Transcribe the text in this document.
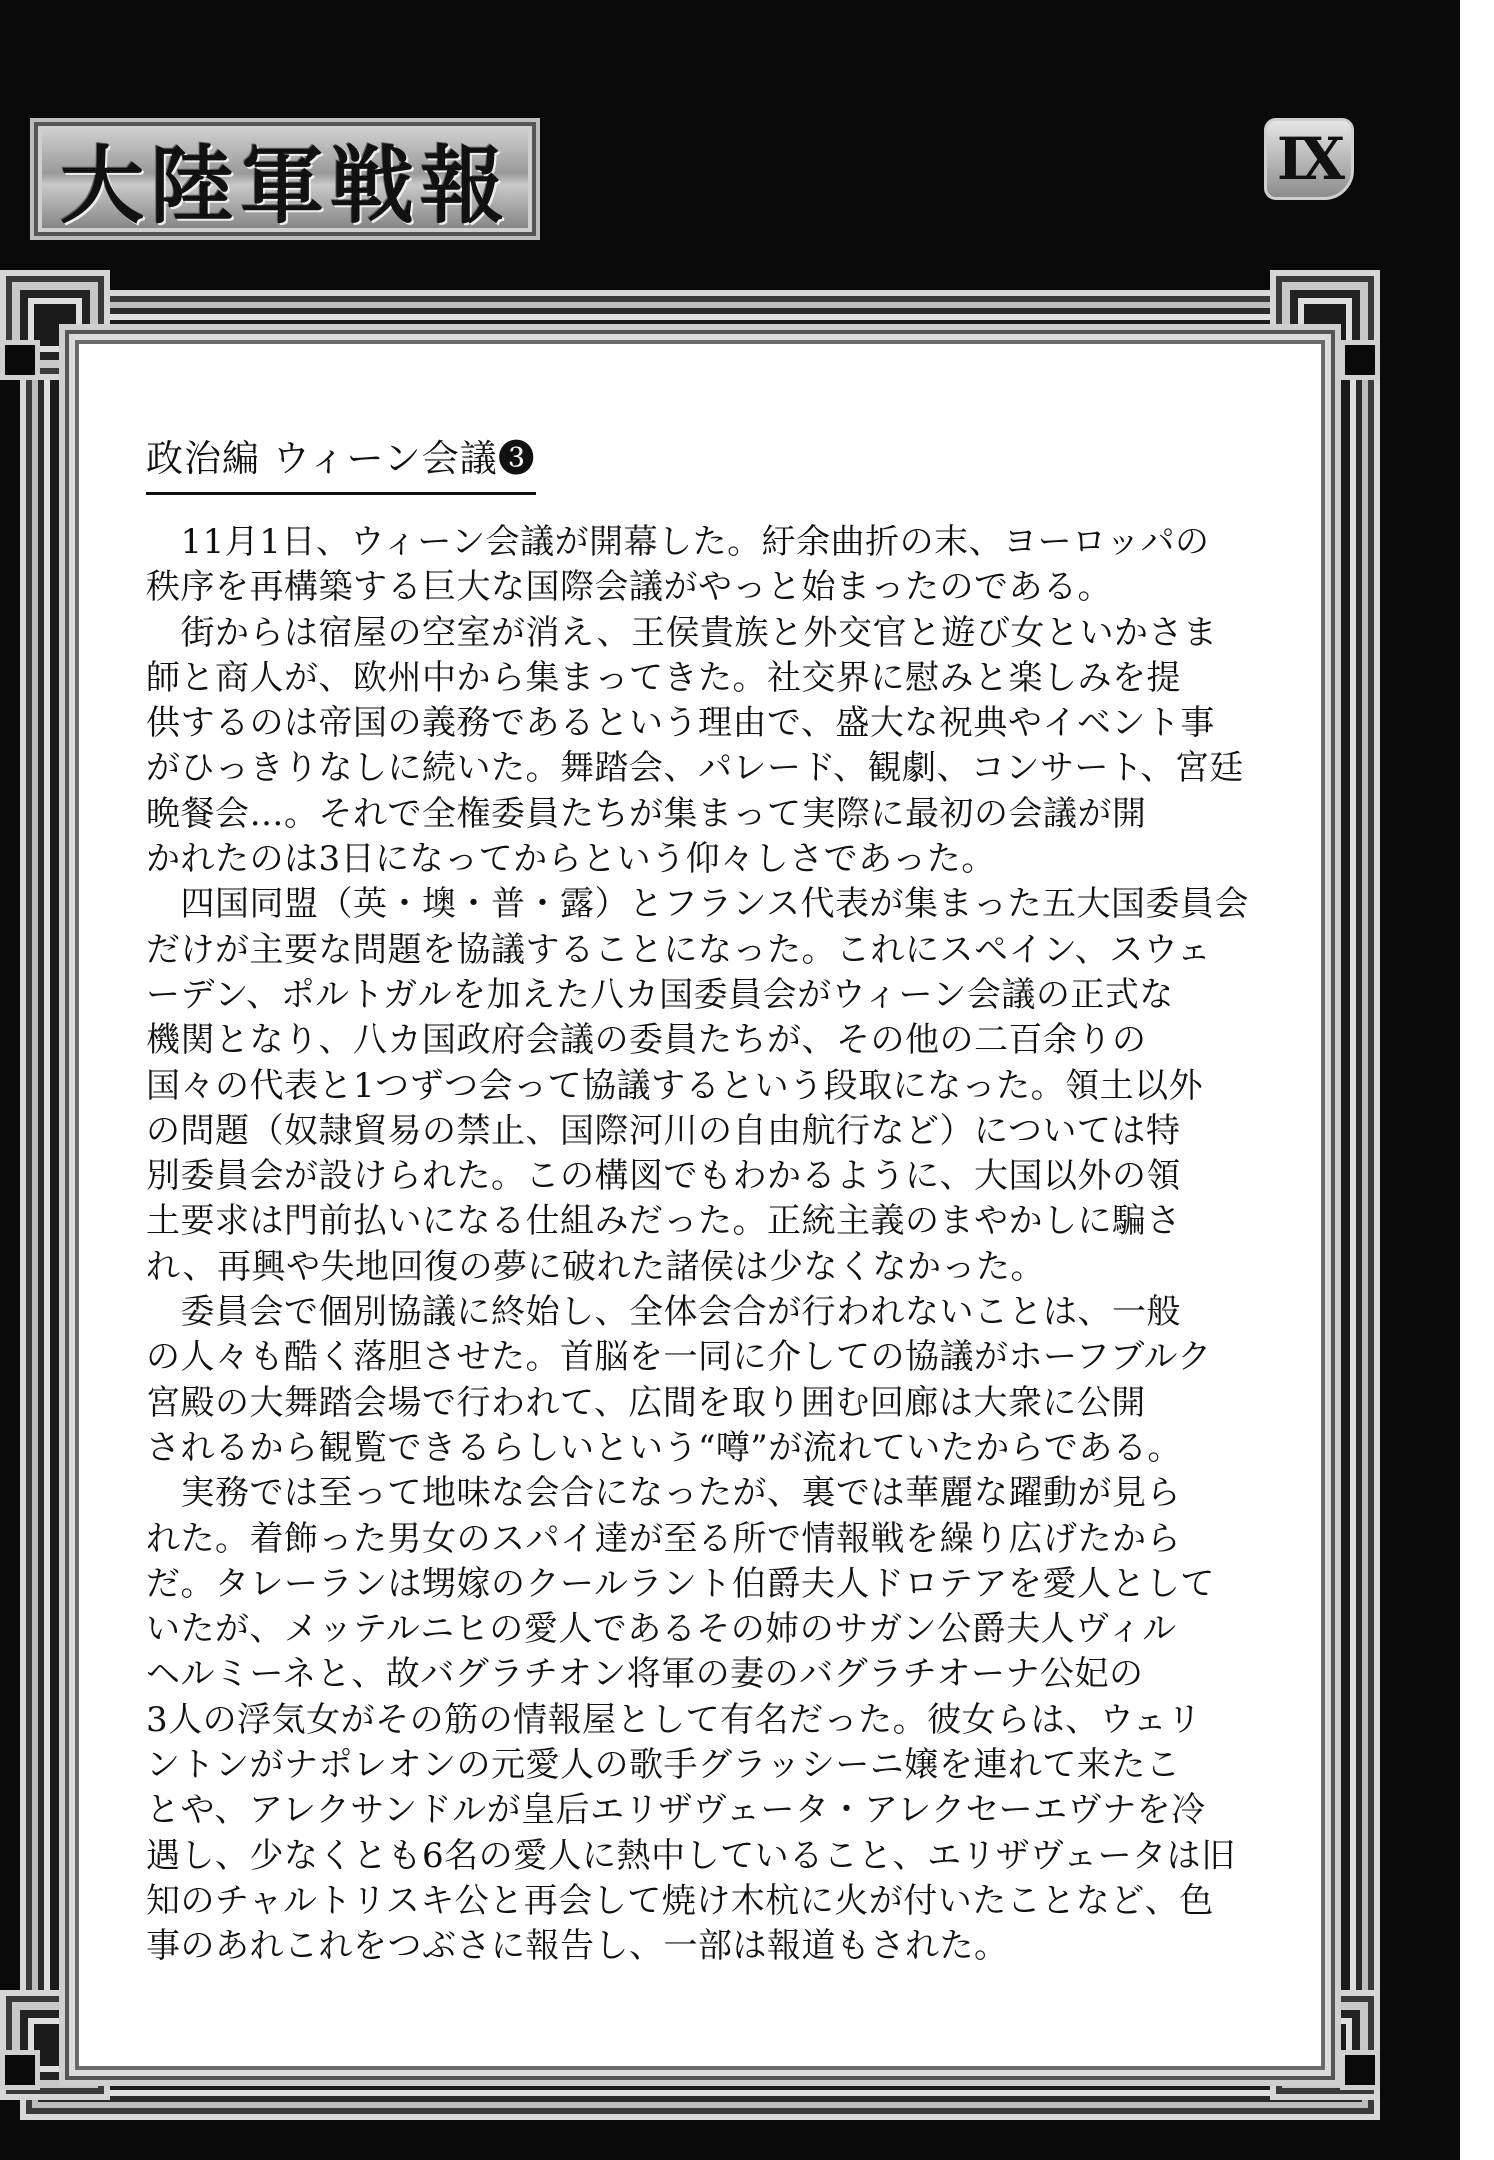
大陸軍戦報	IX
政治編 ウィーン会議❸
　11月1日、ウィーン会議が開幕した。紆余曲折の末、ヨーロッパの
秩序を再構築する巨大な国際会議がやっと始まったのである。
　街からは宿屋の空室が消え、王侯貴族と外交官と遊び女といかさま
師と商人が、欧州中から集まってきた。社交界に慰みと楽しみを提
供するのは帝国の義務であるという理由で、盛大な祝典やイベント事
がひっきりなしに続いた。舞踏会、パレード、観劇、コンサート、宮廷
晩餐会…。それで全権委員たちが集まって実際に最初の会議が開
かれたのは3日になってからという仰々しさであった。
　四国同盟（英・墺・普・露）とフランス代表が集まった五大国委員会
だけが主要な問題を協議することになった。これにスペイン、スウェ
ーデン、ポルトガルを加えた八カ国委員会がウィーン会議の正式な
機関となり、八カ国政府会議の委員たちが、その他の二百余りの
国々の代表と1つずつ会って協議するという段取になった。領土以外
の問題（奴隷貿易の禁止、国際河川の自由航行など）については特
別委員会が設けられた。この構図でもわかるように、大国以外の領
土要求は門前払いになる仕組みだった。正統主義のまやかしに騙さ
れ、再興や失地回復の夢に破れた諸侯は少なくなかった。
　委員会で個別協議に終始し、全体会合が行われないことは、一般
の人々も酷く落胆させた。首脳を一同に介しての協議がホーフブルク
宮殿の大舞踏会場で行われて、広間を取り囲む回廊は大衆に公開
されるから観覧できるらしいという“噂”が流れていたからである。
　実務では至って地味な会合になったが、裏では華麗な躍動が見ら
れた。着飾った男女のスパイ達が至る所で情報戦を繰り広げたから
だ。タレーランは甥嫁のクールラント伯爵夫人ドロテアを愛人として
いたが、メッテルニヒの愛人であるその姉のサガン公爵夫人ヴィル
ヘルミーネと、故バグラチオン将軍の妻のバグラチオーナ公妃の
3人の浮気女がその筋の情報屋として有名だった。彼女らは、ウェリ
ントンがナポレオンの元愛人の歌手グラッシーニ嬢を連れて来たこ
とや、アレクサンドルが皇后エリザヴェータ・アレクセーエヴナを冷
遇し、少なくとも6名の愛人に熱中していること、エリザヴェータは旧
知のチャルトリスキ公と再会して焼け木杭に火が付いたことなど、色
事のあれこれをつぶさに報告し、一部は報道もされた。
